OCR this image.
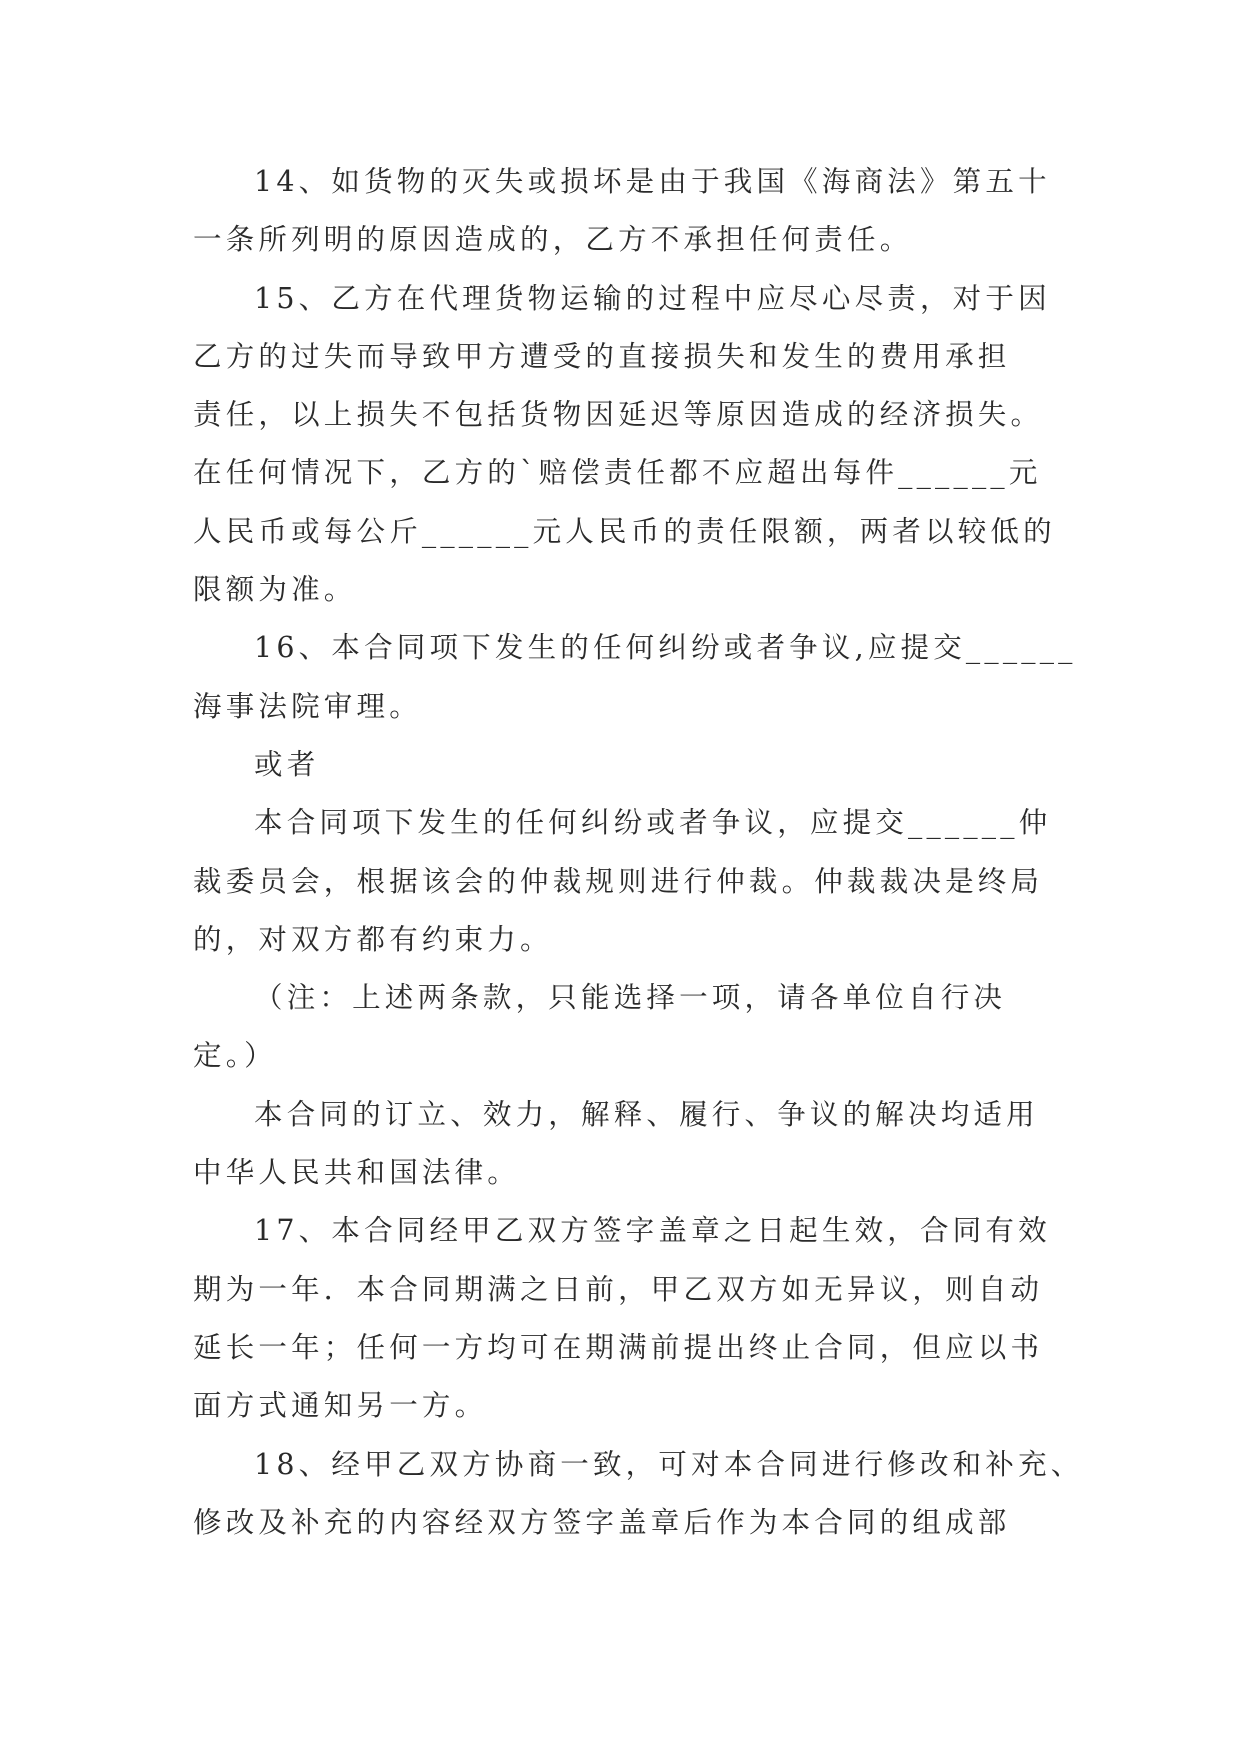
14、如货物的灭失或损坏是由于我国《海商法》第五十
一条所列明的原因造成的，乙方不承担任何责任。
15、乙方在代理货物运输的过程中应尽心尽责，对于因
乙方的过失而导致甲方遭受的直接损失和发生的费用承担
责任，以上损失不包括货物因延迟等原因造成的经济损失。
在任何情况下，乙方的`赔偿责任都不应超出每件______元
人民币或每公斤______元人民币的责任限额，两者以较低的
限额为准。
16、本合同项下发生的任何纠纷或者争议,应提交______
海事法院审理。
或者
本合同项下发生的任何纠纷或者争议，应提交______仲
裁委员会，根据该会的仲裁规则进行仲裁。仲裁裁决是终局
的，对双方都有约束力。
（注：上述两条款，只能选择一项，请各单位自行决
定。）
本合同的订立、效力，解释、履行、争议的解决均适用
中华人民共和国法律。
17、本合同经甲乙双方签字盖章之日起生效，合同有效
期为一年．本合同期满之日前，甲乙双方如无异议，则自动
延长一年；任何一方均可在期满前提出终止合同，但应以书
面方式通知另一方。
18、经甲乙双方协商一致，可对本合同进行修改和补充、
修改及补充的内容经双方签字盖章后作为本合同的组成部
